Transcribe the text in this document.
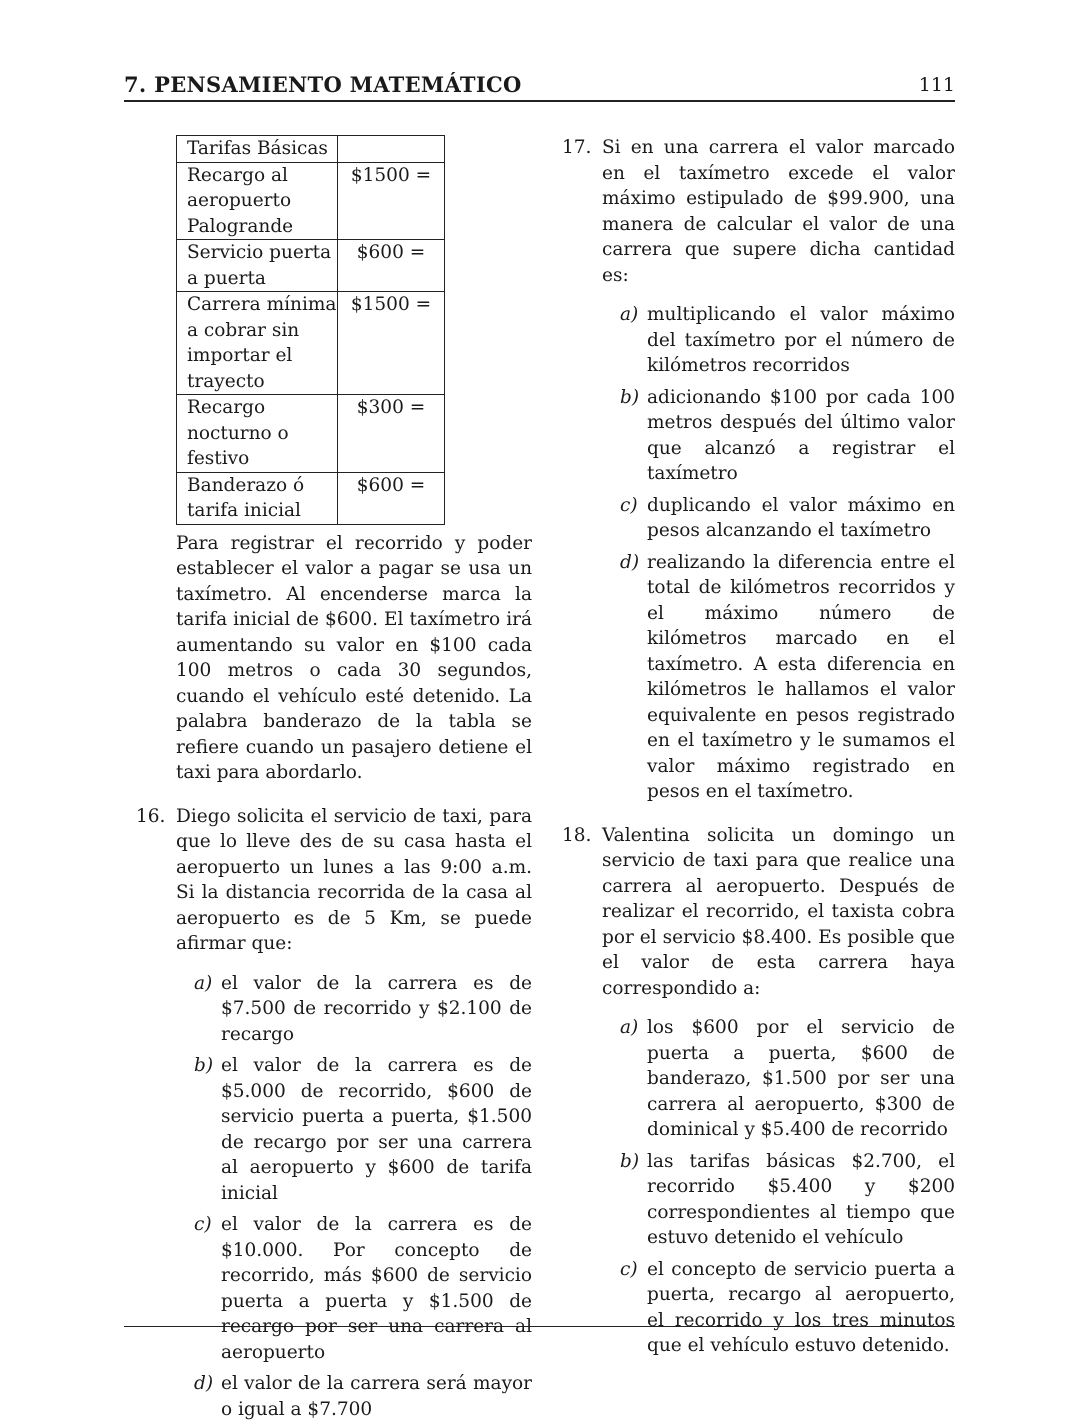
7. PENSAMIENTO MATEMÁTICO	111
Tarifas Básicas	
Recargo al aeropuerto Palogrande	$1500 =
Servicio puerta a puerta	$600 =
Carrera mínima a cobrar sin importar el trayecto	$1500 =
Recargo nocturno o festivo	$300 =
Banderazo ó tarifa inicial	$600 =

Para registrar el recorrido y poder establecer el valor a pagar se usa un taxímetro. Al encenderse marca la tarifa inicial de $600. El taxímetro irá aumentando su valor en $100 cada 100 metros o cada 30 segundos, cuando el vehículo esté detenido. La palabra banderazo de la tabla se refiere cuando un pasajero detiene el taxi para abordarlo.

16. Diego solicita el servicio de taxi, para que lo lleve des de su casa hasta el aeropuerto un lunes a las 9:00 a.m. Si la distancia recorrida de la casa al aeropuerto es de 5 Km, se puede afirmar que:
a) el valor de la carrera es de $7.500 de recorrido y $2.100 de recargo
b) el valor de la carrera es de $5.000 de recorrido, $600 de servicio puerta a puerta, $1.500 de recargo por ser una carrera al aeropuerto y $600 de tarifa inicial
c) el valor de la carrera es de $10.000. Por concepto de recorrido, más $600 de servicio puerta a puerta y $1.500 de recargo por ser una carrera al aeropuerto
d) el valor de la carrera será mayor o igual a $7.700
17. Si en una carrera el valor marcado en el taxímetro excede el valor máximo estipulado de $99.900, una manera de calcular el valor de una carrera que supere dicha cantidad es:
a) multiplicando el valor máximo del taxímetro por el número de kilómetros recorridos
b) adicionando $100 por cada 100 metros después del último valor que alcanzó a registrar el taxímetro
c) duplicando el valor máximo en pesos alcanzando el taxímetro
d) realizando la diferencia entre el total de kilómetros recorridos y el máximo número de kilómetros marcado en el taxímetro. A esta diferencia en kilómetros le hallamos el valor equivalente en pesos registrado en el taxímetro y le sumamos el valor máximo registrado en pesos en el taxímetro.
18. Valentina solicita un domingo un servicio de taxi para que realice una carrera al aeropuerto. Después de realizar el recorrido, el taxista cobra por el servicio $8.400. Es posible que el valor de esta carrera haya correspondido a:
a) los $600 por el servicio de puerta a puerta, $600 de banderazo, $1.500 por ser una carrera al aeropuerto, $300 de dominical y $5.400 de recorrido
b) las tarifas básicas $2.700, el recorrido $5.400 y $200 correspondientes al tiempo que estuvo detenido el vehículo
c) el concepto de servicio puerta a puerta, recargo al aeropuerto, el recorrido y los tres minutos que el vehículo estuvo detenido.
